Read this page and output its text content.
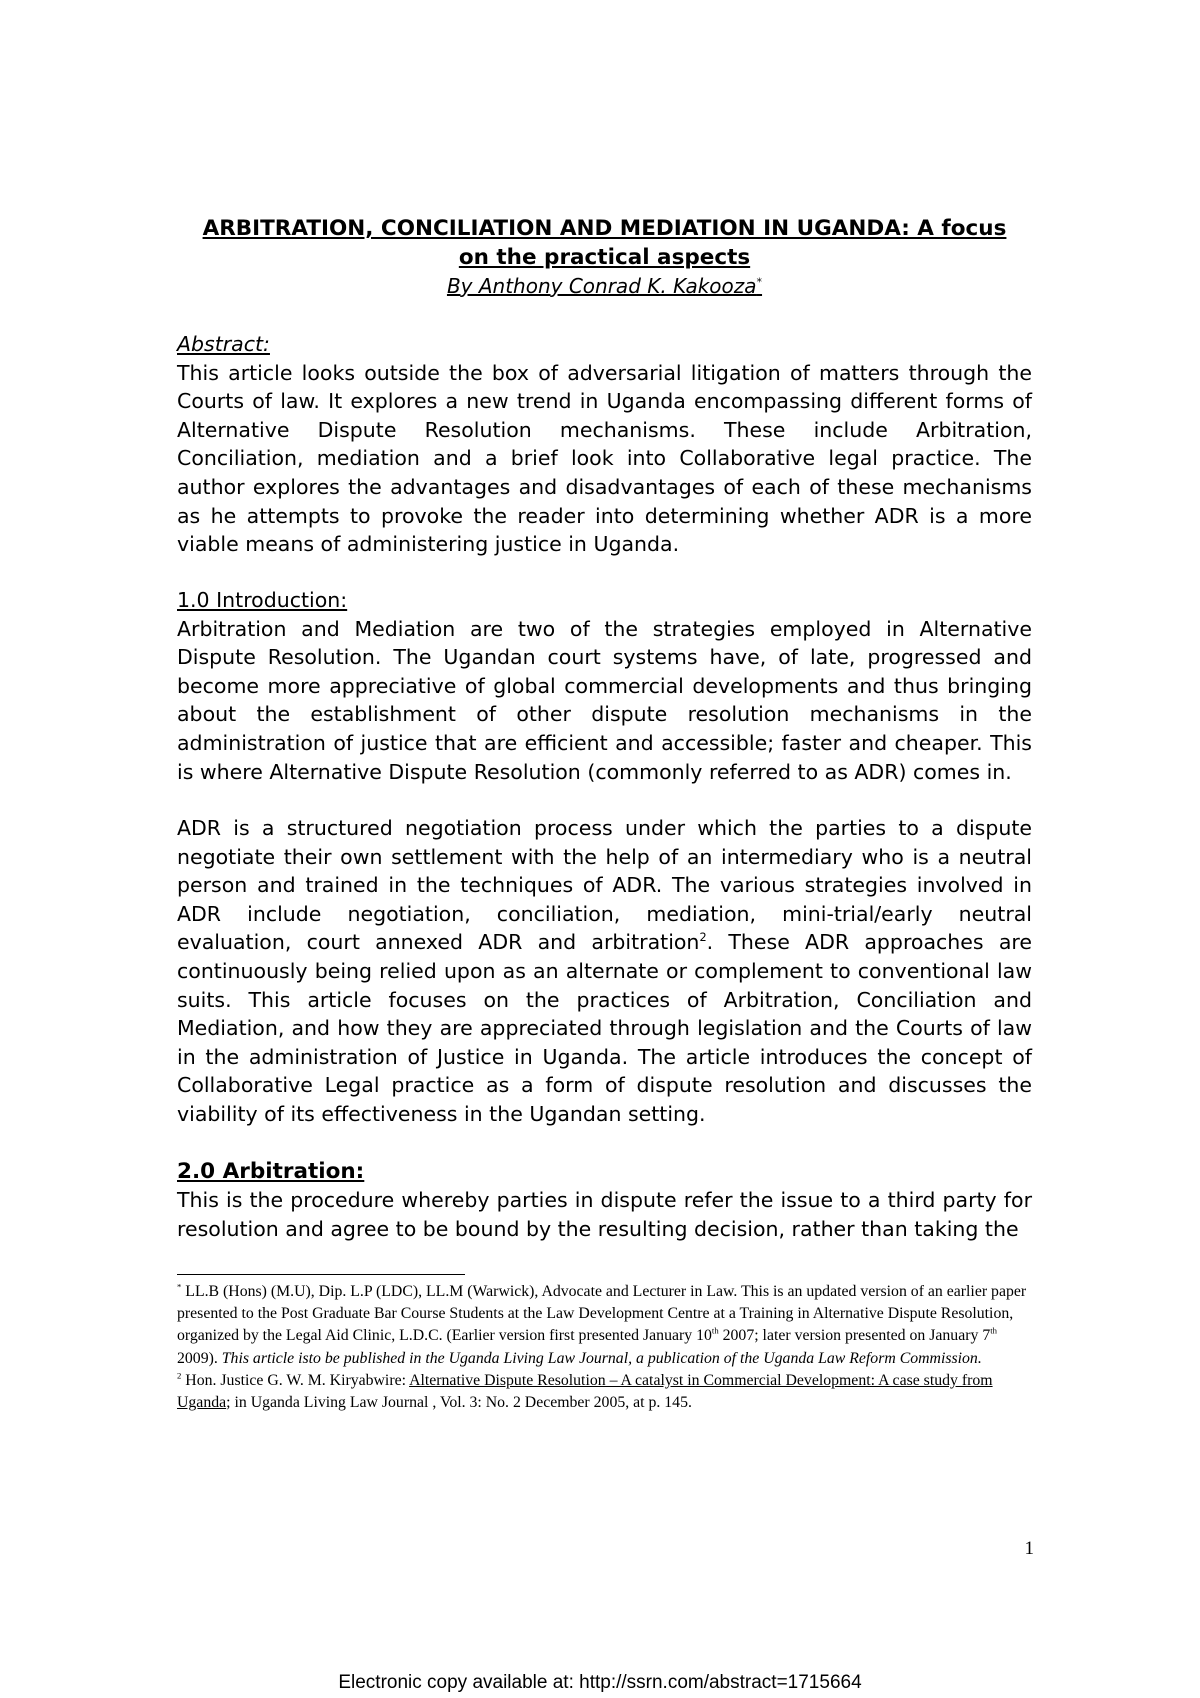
ARBITRATION, CONCILIATION AND MEDIATION IN UGANDA: A focus
on the practical aspects
By Anthony Conrad K. Kakooza*

Abstract:

This article looks outside the box of adversarial litigation of matters through the Courts of law. It explores a new trend in Uganda encompassing different forms of Alternative Dispute Resolution mechanisms. These include Arbitration, Conciliation, mediation and a brief look into Collaborative legal practice. The author explores the advantages and disadvantages of each of these mechanisms as he attempts to provoke the reader into determining whether ADR is a more viable means of administering justice in Uganda.

1.0 Introduction:

Arbitration and Mediation are two of the strategies employed in Alternative Dispute Resolution. The Ugandan court systems have, of late, progressed and become more appreciative of global commercial developments and thus bringing about the establishment of other dispute resolution mechanisms in the administration of justice that are efficient and accessible; faster and cheaper. This is where Alternative Dispute Resolution (commonly referred to as ADR) comes in.

ADR is a structured negotiation process under which the parties to a dispute negotiate their own settlement with the help of an intermediary who is a neutral person and trained in the techniques of ADR. The various strategies involved in ADR include negotiation, conciliation, mediation, mini-trial/early neutral evaluation, court annexed ADR and arbitration$^2$. These ADR approaches are continuously being relied upon as an alternate or complement to conventional law suits. This article focuses on the practices of Arbitration, Conciliation and Mediation, and how they are appreciated through legislation and the Courts of law in the administration of Justice in Uganda. The article introduces the concept of Collaborative Legal practice as a form of dispute resolution and discusses the viability of its effectiveness in the Ugandan setting.

2.0 Arbitration:

This is the procedure whereby parties in dispute refer the issue to a third party for resolution and agree to be bound by the resulting decision, rather than taking the

* LL.B (Hons) (M.U), Dip. L.P (LDC), LL.M (Warwick), Advocate and Lecturer in Law. This is an updated version of an earlier paper presented to the Post Graduate Bar Course Students at the Law Development Centre at a Training in Alternative Dispute Resolution, organized by the Legal Aid Clinic, L.D.C. (Earlier version first presented January 10th 2007; later version presented on January 7th 2009). This article isto be published in the Uganda Living Law Journal, a publication of the Uganda Law Reform Commission.

$^2$ Hon. Justice G. W. M. Kiryabwire: Alternative Dispute Resolution – A catalyst in Commercial Development: A case study from Uganda; in Uganda Living Law Journal , Vol. 3: No. 2 December 2005, at p. 145.

1
Electronic copy available at: http://ssrn.com/abstract=1715664
